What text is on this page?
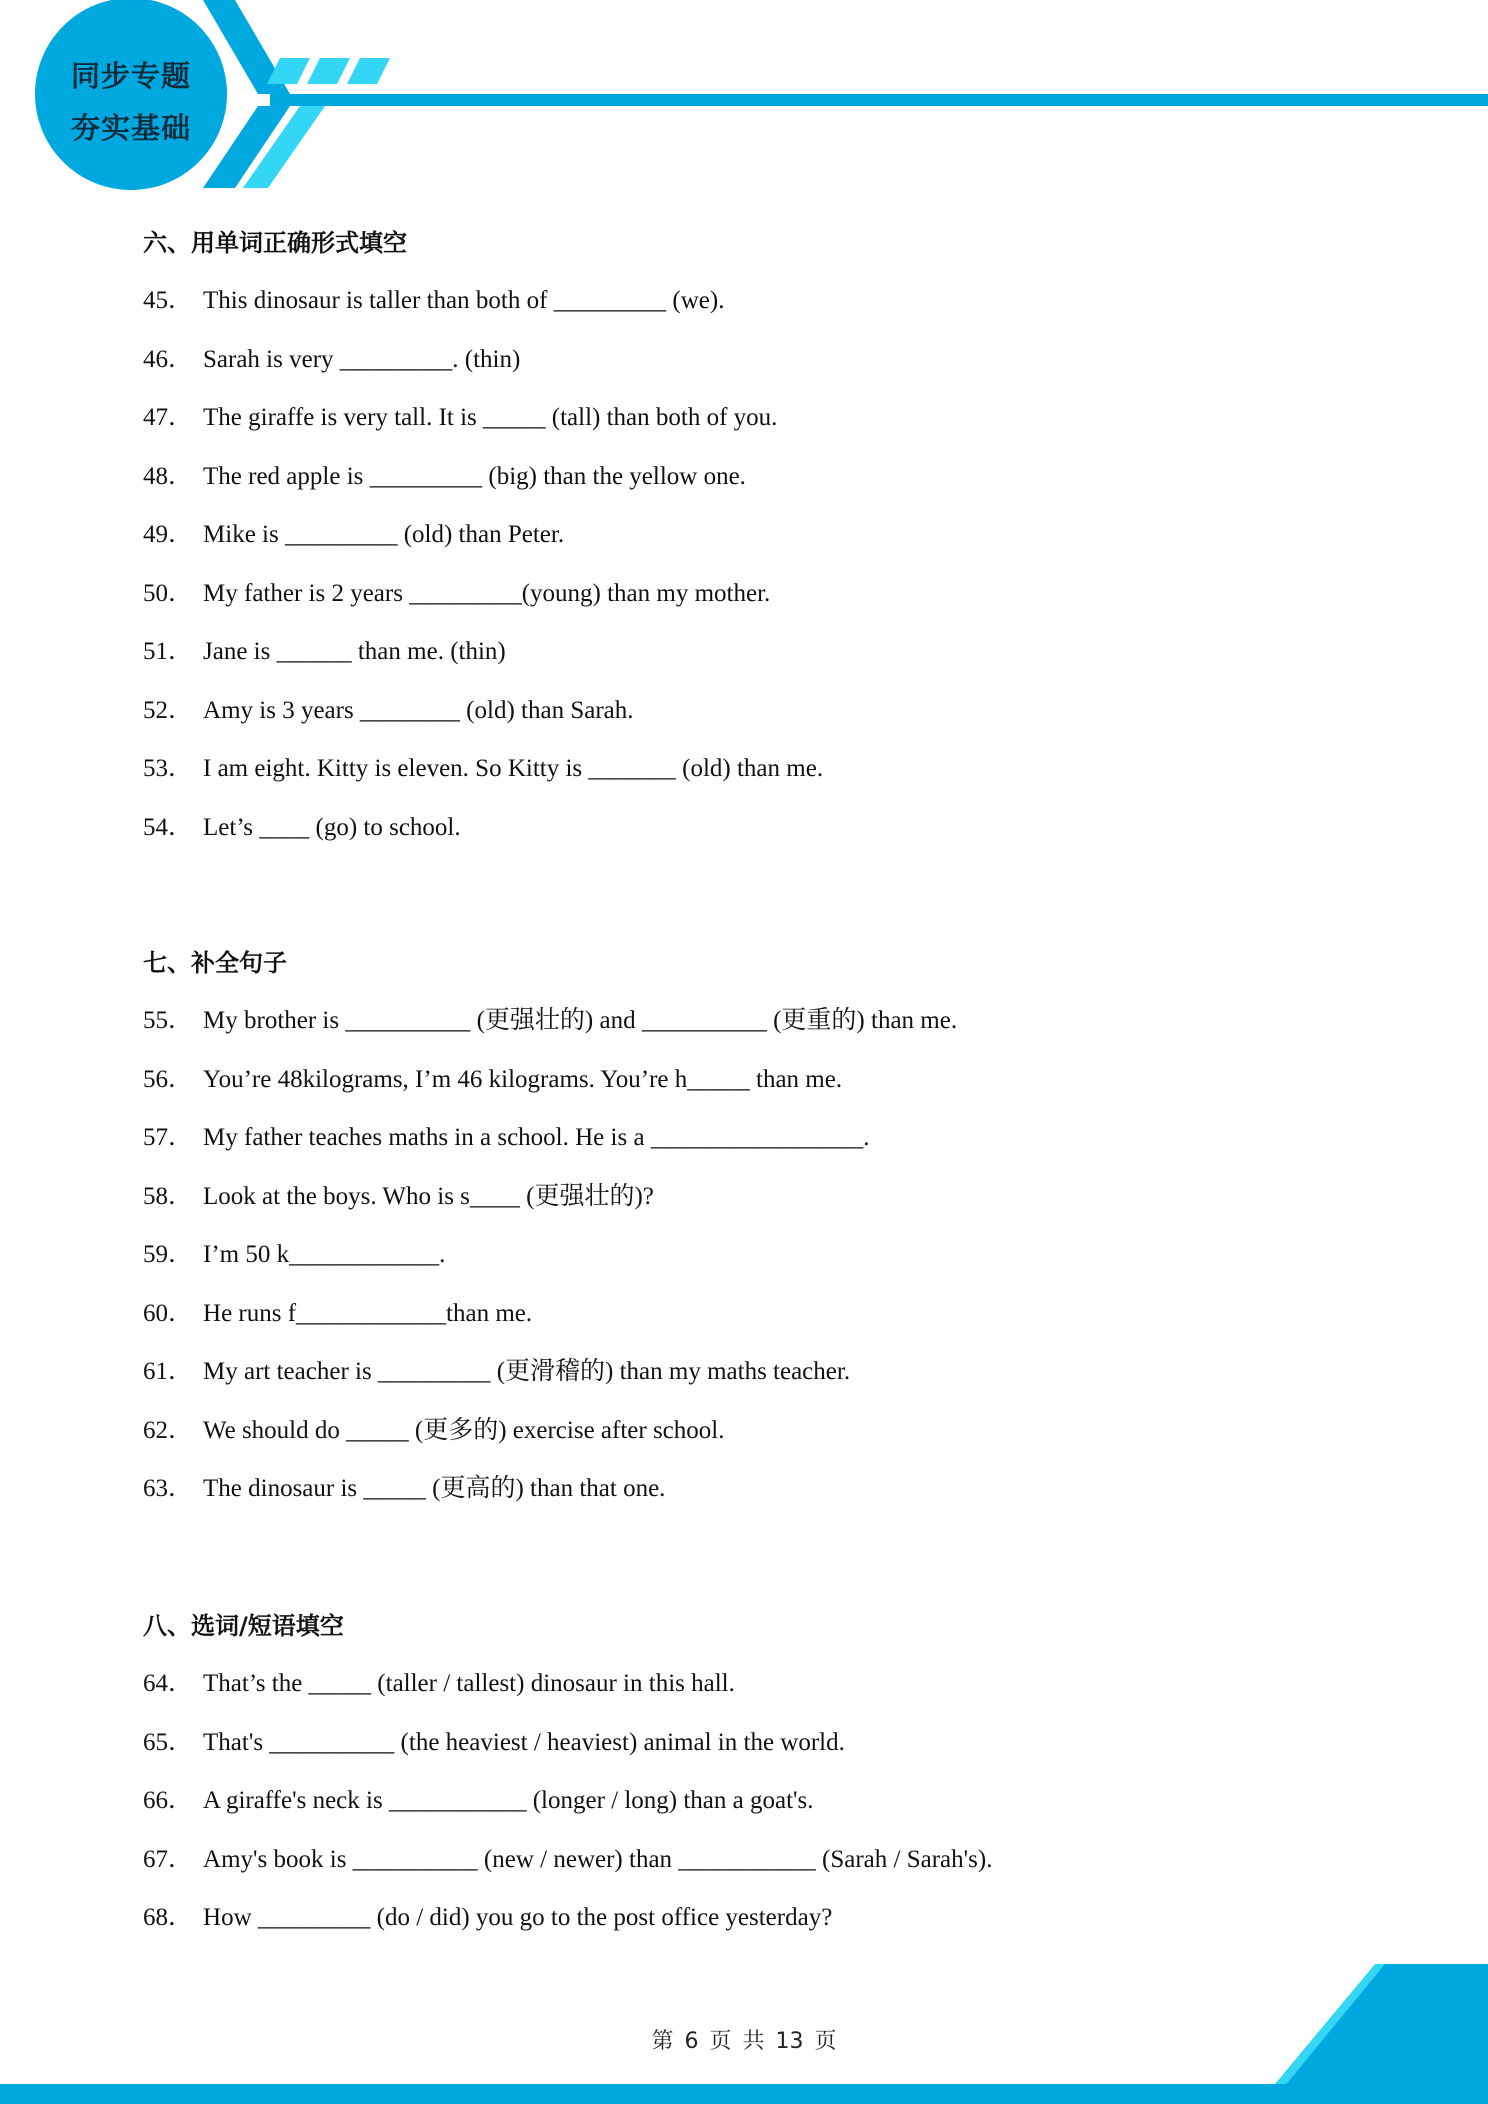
同步专题
夯实基础
六、用单词正确形式填空
45． This dinosaur is taller than both of _________ (we).
46． Sarah is very _________. (thin)
47． The giraffe is very tall. It is _____ (tall) than both of you.
48． The red apple is _________ (big) than the yellow one.
49． Mike is _________ (old) than Peter.
50． My father is 2 years _________(young) than my mother.
51． Jane is ______ than me. (thin)
52． Amy is 3 years ________ (old) than Sarah.
53． I am eight. Kitty is eleven. So Kitty is _______ (old) than me.
54． Let’s ____ (go) to school.
七、补全句子
55． My brother is __________ (更强壮的) and __________ (更重的) than me.
56． You’re 48kilograms, I’m 46 kilograms. You’re h_____ than me.
57． My father teaches maths in a school. He is a _________________.
58． Look at the boys. Who is s____ (更强壮的)?
59． I’m 50 k____________.
60． He runs f____________than me.
61． My art teacher is _________ (更滑稽的) than my maths teacher.
62． We should do _____ (更多的) exercise after school.
63． The dinosaur is _____ (更高的) than that one.
八、选词/短语填空
64． That’s the _____ (taller / tallest) dinosaur in this hall.
65． That's __________ (the heaviest / heaviest) animal in the world.
66． A giraffe's neck is ___________ (longer / long) than a goat's.
67． Amy's book is __________ (new / newer) than ___________ (Sarah / Sarah's).
68． How _________ (do / did) you go to the post office yesterday?
第 6 页 共 13 页
